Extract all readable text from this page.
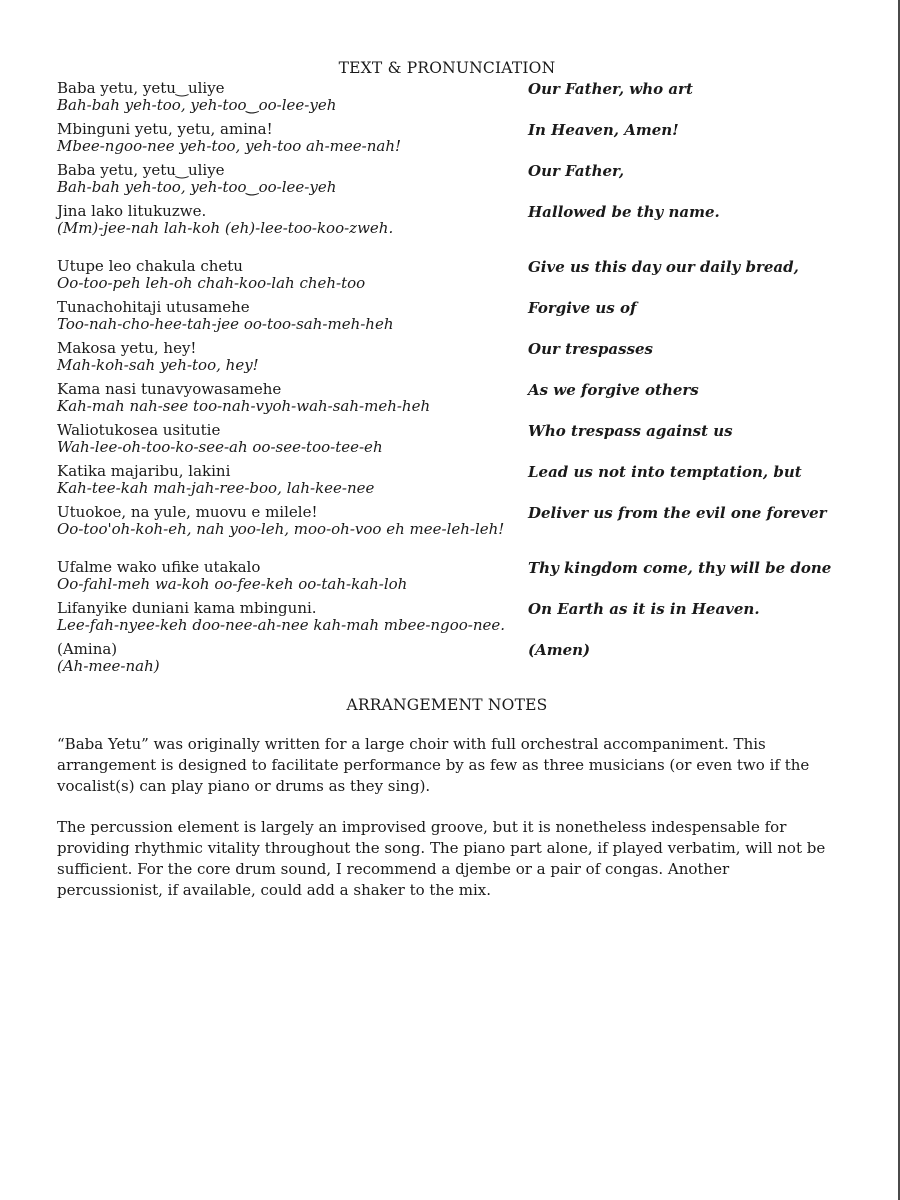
TEXT & PRONUNCIATION
Baba yetu, yetu‿uliye
Bah-bah yeh-too, yeh-too‿oo-lee-yeh
Our Father, who art
Mbinguni yetu, yetu, amina!
Mbee-ngoo-nee yeh-too, yeh-too ah-mee-nah!
In Heaven, Amen!
Baba yetu, yetu‿uliye
Bah-bah yeh-too, yeh-too‿oo-lee-yeh
Our Father,
Jina lako litukuzwe.
(Mm)-jee-nah lah-koh (eh)-lee-too-koo-zweh.
Hallowed be thy name.
Utupe leo chakula chetu
Oo-too-peh leh-oh chah-koo-lah cheh-too
Give us this day our daily bread,
Tunachohitaji utusamehe
Too-nah-cho-hee-tah-jee oo-too-sah-meh-heh
Forgive us of
Makosa yetu, hey!
Mah-koh-sah yeh-too, hey!
Our trespasses
Kama nasi tunavyowasamehe
Kah-mah nah-see too-nah-vyoh-wah-sah-meh-heh
As we forgive others
Waliotukosea usitutie
Wah-lee-oh-too-ko-see-ah oo-see-too-tee-eh
Who trespass against us
Katika majaribu, lakini
Kah-tee-kah mah-jah-ree-boo, lah-kee-nee
Lead us not into temptation, but
Utuokoe, na yule, muovu e milele!
Oo-too'oh-koh-eh, nah yoo-leh, moo-oh-voo eh mee-leh-leh!
Deliver us from the evil one forever
Ufalme wako ufike utakalo
Oo-fahl-meh wa-koh oo-fee-keh oo-tah-kah-loh
Thy kingdom come, thy will be done
Lifanyike duniani kama mbinguni.
Lee-fah-nyee-keh doo-nee-ah-nee kah-mah mbee-ngoo-nee.
On Earth as it is in Heaven.
(Amina)
(Ah-mee-nah)
(Amen)
ARRANGEMENT NOTES

“Baba Yetu” was originally written for a large choir with full orchestral accompaniment. This arrangement is designed to facilitate performance by as few as three musicians (or even two if the vocalist(s) can play piano or drums as they sing).

The percussion element is largely an improvised groove, but it is nonetheless indespensable for providing rhythmic vitality throughout the song. The piano part alone, if played verbatim, will not be sufficient. For the core drum sound, I recommend a djembe or a pair of congas. Another percussionist, if available, could add a shaker to the mix.
